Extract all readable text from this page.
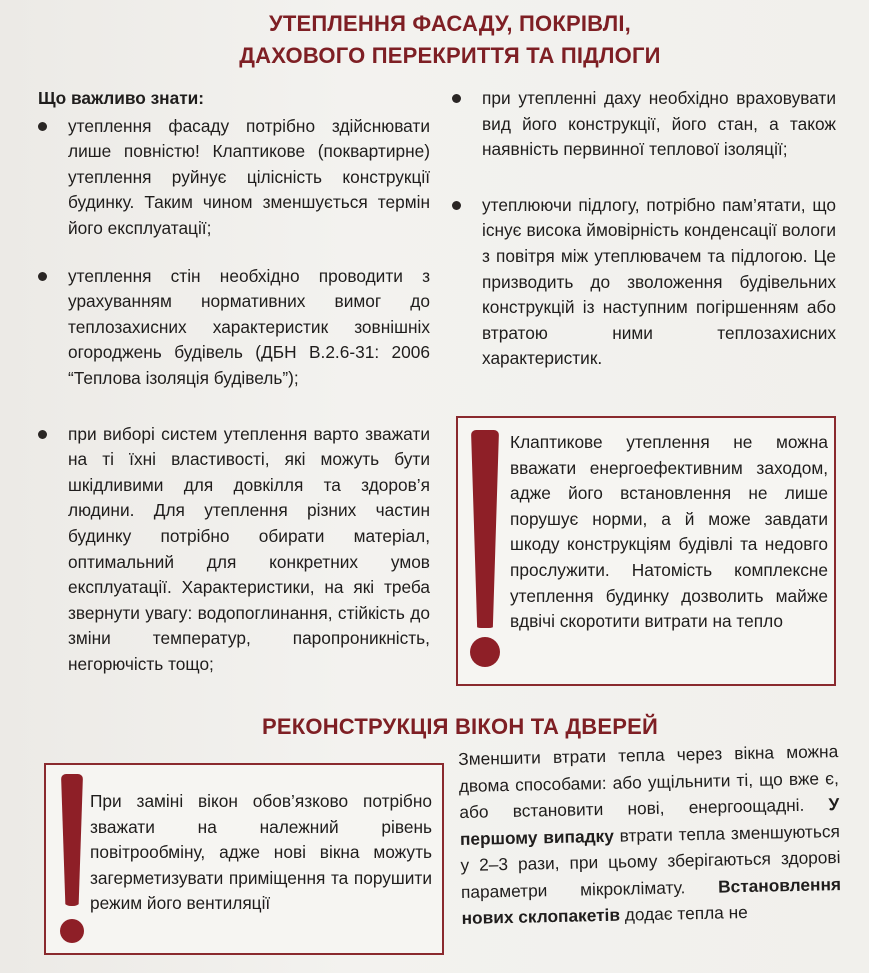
УТЕПЛЕННЯ ФАСАДУ, ПОКРІВЛІ,
ДАХОВОГО ПЕРЕКРИТТЯ ТА ПІДЛОГИ
Що важливо знати:
утеплення фасаду потрібно здійснювати лише повністю! Клаптикове (поквартирне) утеплення руйнує цілісність конструкції будинку. Таким чином зменшується термін його експлуатації;
утеплення стін необхідно проводити з урахуванням нормативних вимог до теплозахисних характеристик зовнішніх огороджень будівель (ДБН В.2.6-31: 2006 “Теплова ізоляція будівель”);
при виборі систем утеплення варто зважати на ті їхні властивості, які можуть бути шкідливими для довкілля та здоров’я людини. Для утеплення різних частин будинку потрібно обирати матеріал, оптимальний для конкретних умов експлуатації. Характеристики, на які треба звернути увагу: водопоглинання, стійкість до зміни температур, паропроникність, негорючість тощо;
при утепленні даху необхідно враховувати вид його конструкції, його стан, а також наявність первинної теплової ізоляції;
утеплюючи підлогу, потрібно пам’ятати, що існує висока ймовірність конденсації вологи з повітря між утеплювачем та підлогою. Це призводить до зволоження будівельних конструкцій із наступним погіршенням або втратою ними теплозахисних характеристик.
Клаптикове утеплення не можна вважати енергоефективним заходом, адже його встановлення не лише порушує норми, а й може завдати шкоду конструкціям будівлі та недовго прослужити. Натомість комплексне утеплення будинку дозволить майже вдвічі скоротити витрати на тепло
РЕКОНСТРУКЦІЯ ВІКОН ТА ДВЕРЕЙ
При заміні вікон обов’язково потрібно зважати на належний рівень повітрообміну, адже нові вікна можуть загерметизувати приміщення та порушити режим його вентиляції
Зменшити втрати тепла через вікна можна двома способами: або ущільнити ті, що вже є, або встановити нові, енергоощадні. У першому випадку втрати тепла зменшуються у 2–3 рази, при цьому зберігаються здорові параметри мікроклімату. Встановлення нових склопакетів додає тепла не
